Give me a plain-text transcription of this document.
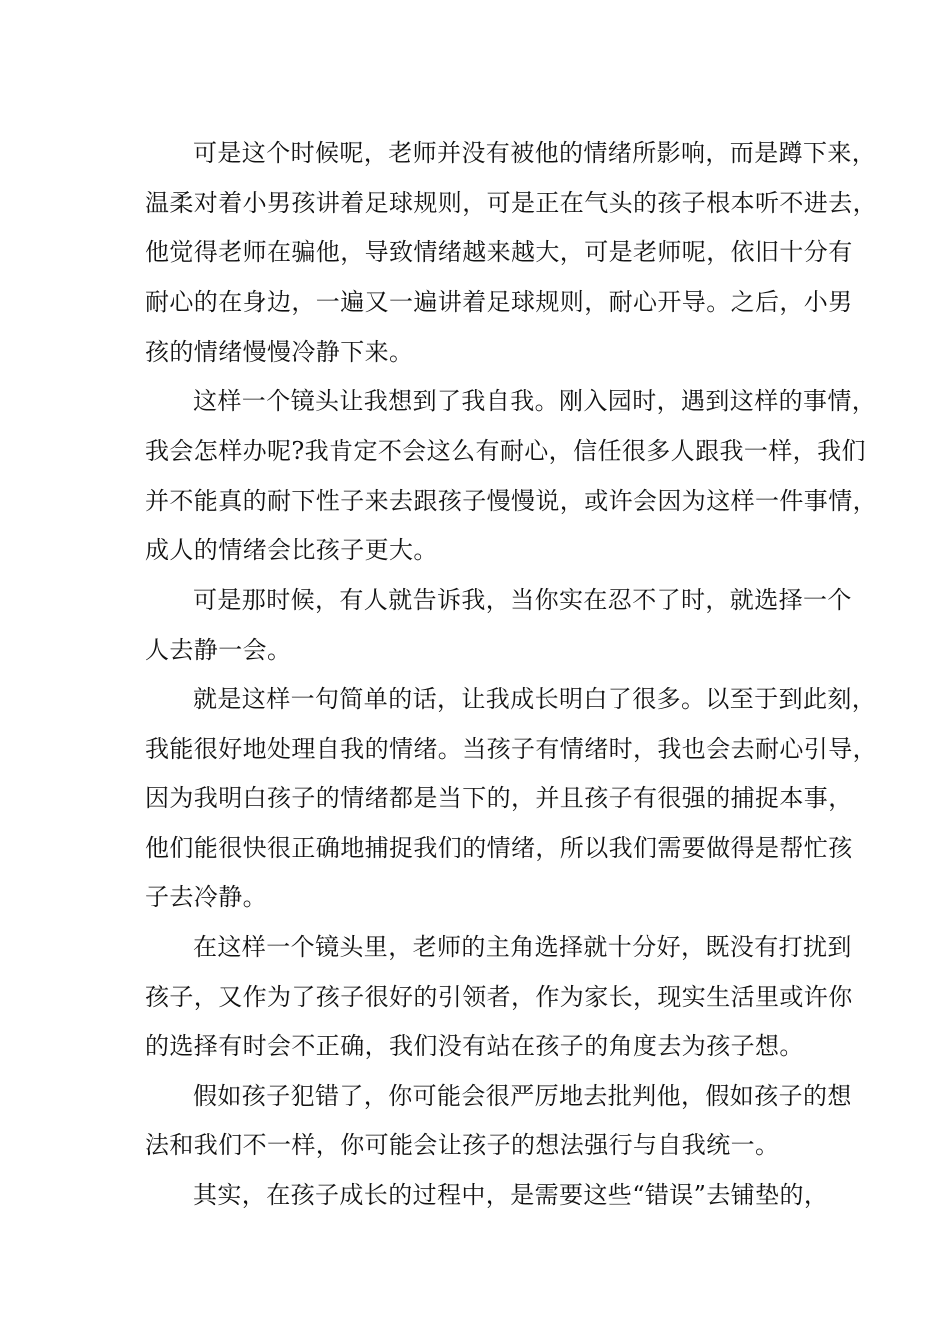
可是这个时候呢，老师并没有被他的情绪所影响，而是蹲下来，
温柔对着小男孩讲着足球规则，可是正在气头的孩子根本听不进去，
他觉得老师在骗他，导致情绪越来越大，可是老师呢，依旧十分有
耐心的在身边，一遍又一遍讲着足球规则，耐心开导。之后，小男
孩的情绪慢慢冷静下来。
这样一个镜头让我想到了我自我。刚入园时，遇到这样的事情，
我会怎样办呢?我肯定不会这么有耐心，信任很多人跟我一样，我们
并不能真的耐下性子来去跟孩子慢慢说，或许会因为这样一件事情，
成人的情绪会比孩子更大。
可是那时候，有人就告诉我，当你实在忍不了时，就选择一个
人去静一会。
就是这样一句简单的话，让我成长明白了很多。以至于到此刻，
我能很好地处理自我的情绪。当孩子有情绪时，我也会去耐心引导，
因为我明白孩子的情绪都是当下的，并且孩子有很强的捕捉本事，
他们能很快很正确地捕捉我们的情绪，所以我们需要做得是帮忙孩
子去冷静。
在这样一个镜头里，老师的主角选择就十分好，既没有打扰到
孩子，又作为了孩子很好的引领者，作为家长，现实生活里或许你
的选择有时会不正确，我们没有站在孩子的角度去为孩子想。
假如孩子犯错了，你可能会很严厉地去批判他，假如孩子的想
法和我们不一样，你可能会让孩子的想法强行与自我统一。
其实，在孩子成长的过程中，是需要这些“错误”去铺垫的，
